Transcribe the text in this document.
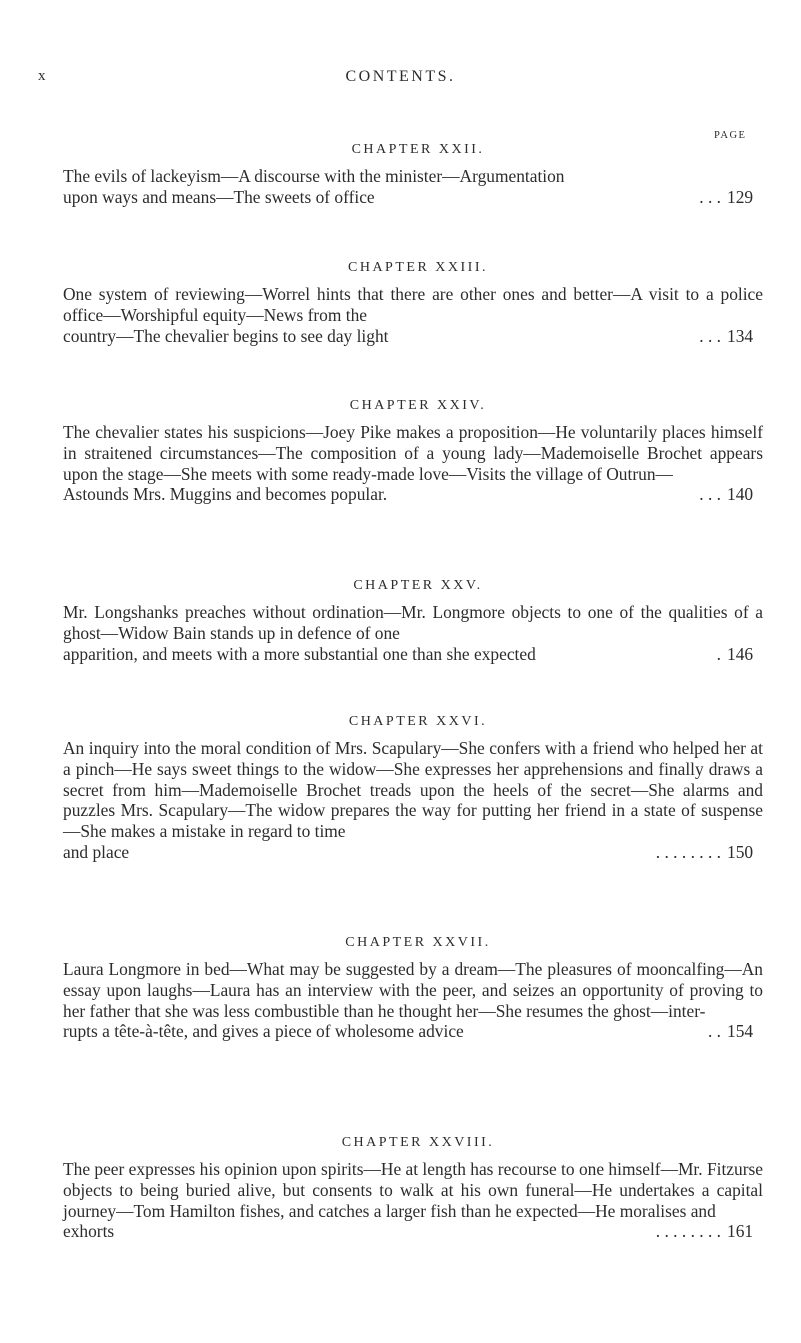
x	CONTENTS.
PAGE
CHAPTER XXII.
The evils of lackeyism—A discourse with the minister—Argumentation
upon ways and means—The sweets of office	. . . 129
CHAPTER XXIII.

One system of reviewing—Worrel hints that there are other ones and better—A visit to a police office—Worshipful equity—News from the

country—The chevalier begins to see day light	. . . 134
CHAPTER XXIV.

The chevalier states his suspicions—Joey Pike makes a proposition—He voluntarily places himself in straitened circumstances—The composition of a young lady—Mademoiselle Brochet appears upon the stage—She meets with some ready-made love—Visits the village of Outrun—

Astounds Mrs. Muggins and becomes popular.	. . . 140
CHAPTER XXV.

Mr. Longshanks preaches without ordination—Mr. Longmore objects to one of the qualities of a ghost—Widow Bain stands up in defence of one

apparition, and meets with a more substantial one than she expected	. 146
CHAPTER XXVI.

An inquiry into the moral condition of Mrs. Scapulary—She confers with a friend who helped her at a pinch—He says sweet things to the widow—She expresses her apprehensions and finally draws a secret from him—Mademoiselle Brochet treads upon the heels of the secret—She alarms and puzzles Mrs. Scapulary—The widow prepares the way for putting her friend in a state of suspense—She makes a mistake in regard to time

and place	. . . . . . . . 150
CHAPTER XXVII.

Laura Longmore in bed—What may be suggested by a dream—The pleasures of mooncalfing—An essay upon laughs—Laura has an interview with the peer, and seizes an opportunity of proving to her father that she was less combustible than he thought her—She resumes the ghost—inter-

rupts a tête-à-tête, and gives a piece of wholesome advice	. . 154
CHAPTER XXVIII.

The peer expresses his opinion upon spirits—He at length has recourse to one himself—Mr. Fitzurse objects to being buried alive, but consents to walk at his own funeral—He undertakes a capital journey—Tom Hamilton fishes, and catches a larger fish than he expected—He moralises and

exhorts	. . . . . . . . 161
